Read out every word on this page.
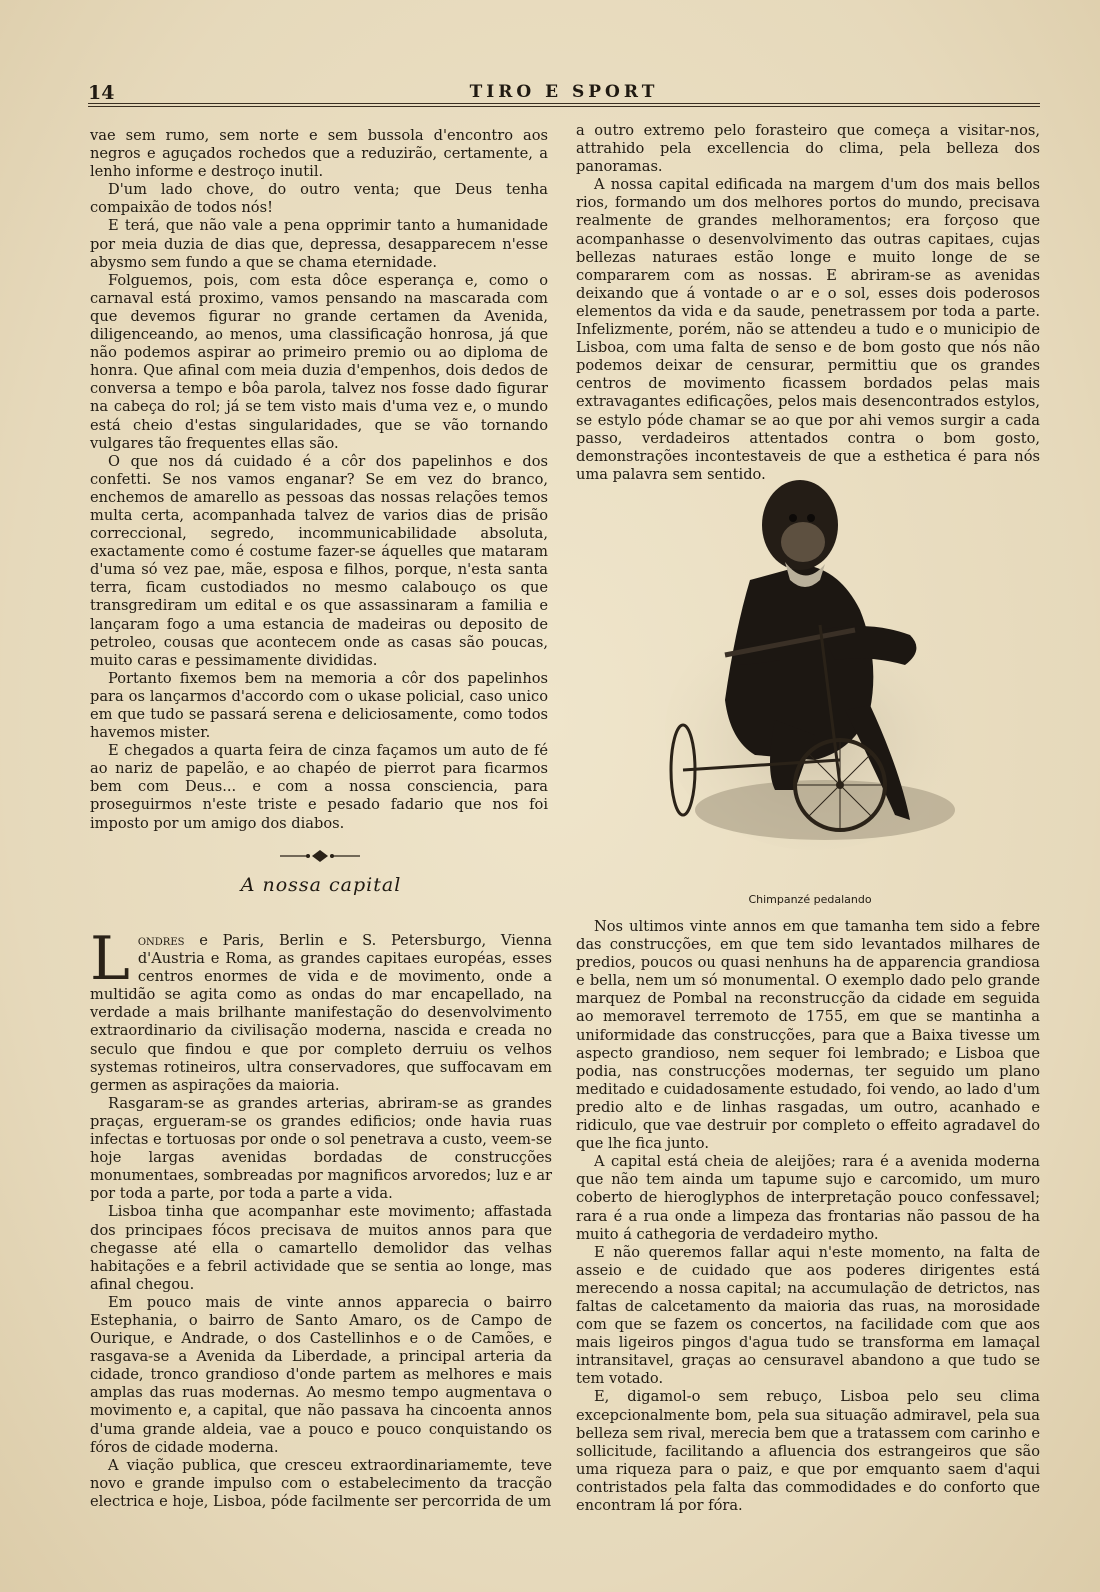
14	TIRO E SPORT

vae sem rumo, sem norte e sem bussola d'encontro aos negros e aguçados rochedos que a reduzirão, certamente, a lenho informe e destroço inutil.

D'um lado chove, do outro venta; que Deus tenha compaixão de todos nós!

E terá, que não vale a pena opprimir tanto a humanidade por meia duzia de dias que, depressa, desapparecem n'esse abysmo sem fundo a que se chama eternidade.

Folguemos, pois, com esta dôce esperança e, como o carnaval está proximo, vamos pensando na mascarada com que devemos figurar no grande certamen da Avenida, diligenceando, ao menos, uma classificação honrosa, já que não podemos aspirar ao primeiro premio ou ao diploma de honra. Que afinal com meia duzia d'empenhos, dois dedos de conversa a tempo e bôa parola, talvez nos fosse dado figurar na cabeça do rol; já se tem visto mais d'uma vez e, o mundo está cheio d'estas singularidades, que se vão tornando vulgares tão frequentes ellas são.

O que nos dá cuidado é a côr dos papelinhos e dos confetti. Se nos vamos enganar? Se em vez do branco, enchemos de amarello as pessoas das nossas relações temos multa certa, acompanhada talvez de varios dias de prisão correccional, segredo, incommunicabilidade absoluta, exactamente como é costume fazer-se áquelles que mataram d'uma só vez pae, mãe, esposa e filhos, porque, n'esta santa terra, ficam custodiados no mesmo calabouço os que transgrediram um edital e os que assassinaram a familia e lançaram fogo a uma estancia de madeiras ou deposito de petroleo, cousas que acontecem onde as casas são poucas, muito caras e pessimamente divididas.

Portanto fixemos bem na memoria a côr dos papelinhos para os lançarmos d'accordo com o ukase policial, caso unico em que tudo se passará serena e deliciosamente, como todos havemos mister.

E chegados a quarta feira de cinza façamos um auto de fé ao nariz de papelão, e ao chapéo de pierrot para ficarmos bem com Deus... e com a nossa consciencia, para proseguirmos n'este triste e pesado fadario que nos foi imposto por um amigo dos diabos.

a outro extremo pelo forasteiro que começa a visitar-nos, attrahido pela excellencia do clima, pela belleza dos panoramas.

A nossa capital edificada na margem d'um dos mais bellos rios, formando um dos melhores portos do mundo, precisava realmente de grandes melhoramentos; era forçoso que acompanhasse o desenvolvimento das outras capitaes, cujas bellezas naturaes estão longe e muito longe de se compararem com as nossas. E abriram-se as avenidas deixando que á vontade o ar e o sol, esses dois poderosos elementos da vida e da saude, penetrassem por toda a parte. Infelizmente, porém, não se attendeu a tudo e o municipio de Lisboa, com uma falta de senso e de bom gosto que nós não podemos deixar de censurar, permittiu que os grandes centros de movimento ficassem bordados pelas mais extravagantes edificações, pelos mais desencontrados estylos, se estylo póde chamar se ao que por ahi vemos surgir a cada passo, verdadeiros attentados contra o bom gosto, demonstrações incontestaveis de que a esthetica é para nós uma palavra sem sentido.

A nossa capital

Londres e Paris, Berlin e S. Petersburgo, Vienna d'Austria e Roma, as grandes capitaes européas, esses centros enormes de vida e de movimento, onde a multidão se agita como as ondas do mar encapellado, na verdade a mais brilhante manifestação do desenvolvimento extraordinario da civilisação moderna, nascida e creada no seculo que findou e que por completo derruiu os velhos systemas rotineiros, ultra conservadores, que suffocavam em germen as aspirações da maioria.

Rasgaram-se as grandes arterias, abriram-se as grandes praças, ergueram-se os grandes edificios; onde havia ruas infectas e tortuosas por onde o sol penetrava a custo, veem-se hoje largas avenidas bordadas de construcções monumentaes, sombreadas por magnificos arvoredos; luz e ar por toda a parte, por toda a parte a vida.

Lisboa tinha que acompanhar este movimento; affastada dos principaes fócos precisava de muitos annos para que chegasse até ella o camartello demolidor das velhas habitações e a febril actividade que se sentia ao longe, mas afinal chegou.

Em pouco mais de vinte annos apparecia o bairro Estephania, o bairro de Santo Amaro, os de Campo de Ourique, e Andrade, o dos Castellinhos e o de Camões, e rasgava-se a Avenida da Liberdade, a principal arteria da cidade, tronco grandioso d'onde partem as melhores e mais amplas das ruas modernas. Ao mesmo tempo augmentava o movimento e, a capital, que não passava ha cincoenta annos d'uma grande aldeia, vae a pouco e pouco conquistando os fóros de cidade moderna.

A viação publica, que cresceu extraordinariamemte, teve novo e grande impulso com o estabelecimento da tracção electrica e hoje, Lisboa, póde facilmente ser percorrida de um

Chimpanzé pedalando

Nos ultimos vinte annos em que tamanha tem sido a febre das construcções, em que tem sido levantados milhares de predios, poucos ou quasi nenhuns ha de apparencia grandiosa e bella, nem um só monumental. O exemplo dado pelo grande marquez de Pombal na reconstrucção da cidade em seguida ao memoravel terremoto de 1755, em que se mantinha a uniformidade das construcções, para que a Baixa tivesse um aspecto grandioso, nem sequer foi lembrado; e Lisboa que podia, nas construcções modernas, ter seguido um plano meditado e cuidadosamente estudado, foi vendo, ao lado d'um predio alto e de linhas rasgadas, um outro, acanhado e ridiculo, que vae destruir por completo o effeito agradavel do que lhe fica junto.

A capital está cheia de aleijões; rara é a avenida moderna que não tem ainda um tapume sujo e carcomido, um muro coberto de hieroglyphos de interpretação pouco confessavel; rara é a rua onde a limpeza das frontarias não passou de ha muito á cathegoria de verdadeiro mytho.

E não queremos fallar aqui n'este momento, na falta de asseio e de cuidado que aos poderes dirigentes está merecendo a nossa capital; na accumulação de detrictos, nas faltas de calcetamento da maioria das ruas, na morosidade com que se fazem os concertos, na facilidade com que aos mais ligeiros pingos d'agua tudo se transforma em lamaçal intransitavel, graças ao censuravel abandono a que tudo se tem votado.

E, digamol-o sem rebuço, Lisboa pelo seu clima excepcionalmente bom, pela sua situação admiravel, pela sua belleza sem rival, merecia bem que a tratassem com carinho e sollicitude, facilitando a afluencia dos estrangeiros que são uma riqueza para o paiz, e que por emquanto saem d'aqui contristados pela falta das commodidades e do conforto que encontram lá por fóra.
